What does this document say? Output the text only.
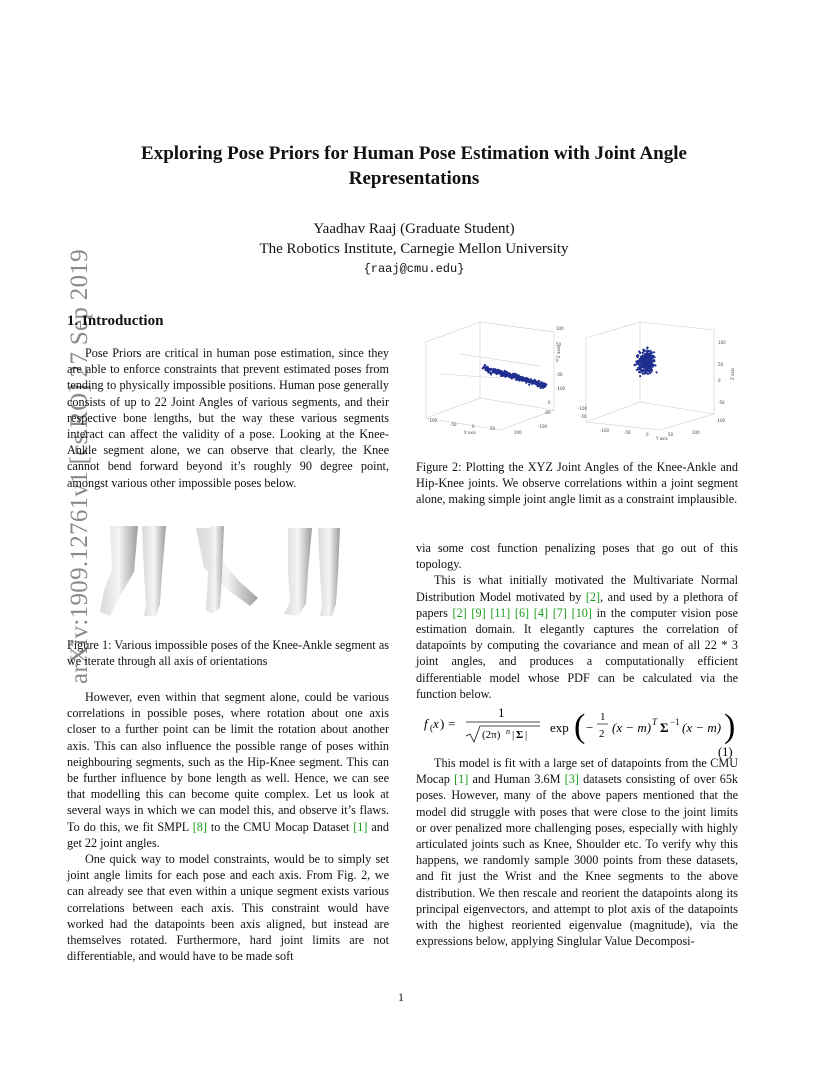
arXiv:1909.12761v1 [cs.RO] 27 Sep 2019
Exploring Pose Priors for Human Pose Estimation with Joint Angle
Representations
Yaadhav Raaj (Graduate Student)
The Robotics Institute, Carnegie Mellon University
{raaj@cmu.edu}
1. Introduction

Pose Priors are critical in human pose estimation, since they are able to enforce constraints that prevent estimated poses from tending to physically impossible positions. Human pose generally consists of up to 22 Joint Angles of various segments, and their respective bone lengths, but the way these various segments interact can affect the validity of a pose. Looking at the Knee-Ankle segment alone, we can observe that clearly, the Knee cannot bend forward beyond it’s roughly 90 degree point, amongst various other impossible poses below.

Figure 1: Various impossible poses of the Knee-Ankle segment as we iterate through all axis of orientations

However, even within that segment alone, could be various correlations in possible poses, where rotation about one axis closer to a further point can be limit the rotation about another axis. This can also influence the possible range of poses within neighbouring segments, such as the Hip-Knee segment. This can be further influence by bone length as well. Hence, we can see that modelling this can become quite complex. Let us look at several ways in which we can model this, and observe it’s flaws. To do this, we fit SMPL [8] to the CMU Mocap Dataset [1] and get 22 joint angles.

One quick way to model constraints, would be to simply set joint angle limits for each pose and each axis. From Fig. 2, we can already see that even within a unique segment exists various correlations between each axis. This constraint would have worked had the datapoints been axis aligned, but instead are themselves rotated. Furthermore, hard joint limits are not differentiable, and would have to be made soft

100
50
0
-50
-100
-100
-50	0	50
100
-100
-50
0
Z axis
X axis
100
50
0
-50
-100
-100	-50	0	50	100
-100
-50
Z axis
Y axis
Figure 2: Plotting the XYZ Joint Angles of the Knee-Ankle and Hip-Knee joints. We observe correlations within a joint segment alone, making simple joint angle limit as a constraint implausible.

via some cost function penalizing poses that go out of this topology.

This is what initially motivated the Multivariate Normal Distribution Model motivated by [2], and used by a plethora of papers [2] [9] [11] [6] [4] [7] [10] in the computer vision pose estimation domain. It elegantly captures the correlation of datapoints by computing the covariance and mean of all 22 * 3 joint angles, and produces a computationally efficient differentiable model whose PDF can be calculated via the function below.

f ( x ) =
1
(2π) n | Σ | exp ( −
1
2 (x − m) T Σ −1 (x − m) )
(1)

This model is fit with a large set of datapoints from the CMU Mocap [1] and Human 3.6M [3] datasets consisting of over 65k poses. However, many of the above papers mentioned that the model did struggle with poses that were close to the joint limits or over penalized more challenging poses, especially with highly articulated joints such as Knee, Shoulder etc. To verify why this happens, we randomly sample 3000 points from these datasets, and fit just the Wrist and the Knee segments to the above distribution. We then rescale and reorient the datapoints along its principal eigenvectors, and attempt to plot axis of the datapoints with the highest reoriented eigenvalue (magnitude), via the expressions below, applying Singlular Value Decomposi-

1
